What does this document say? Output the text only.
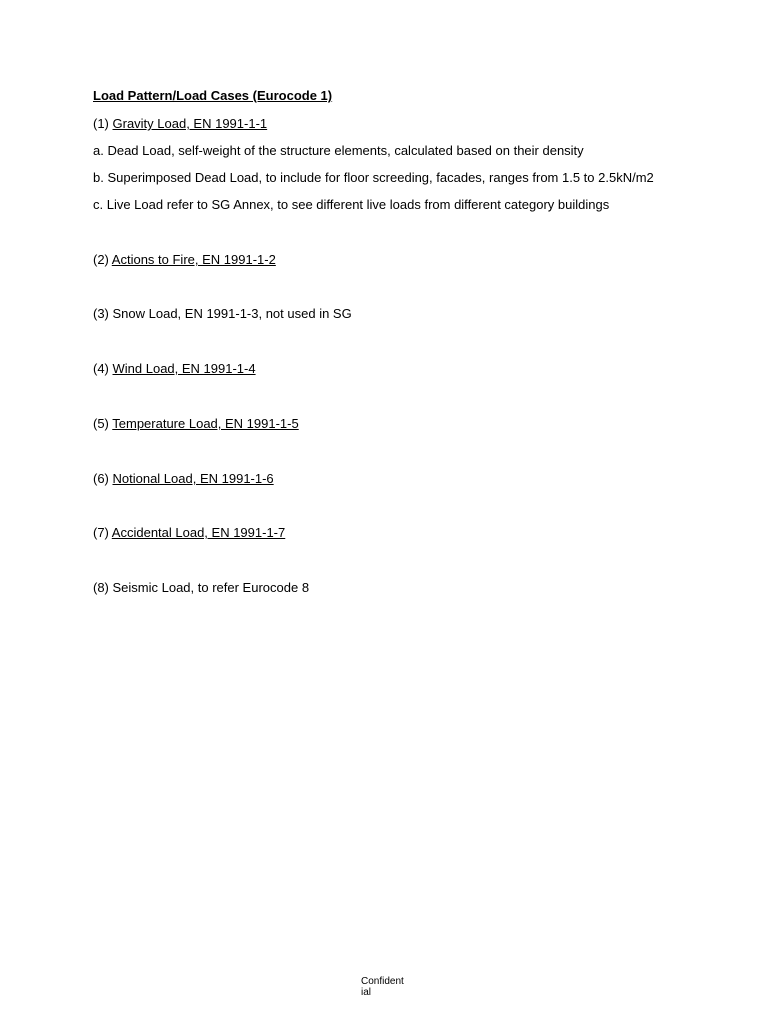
Load Pattern/Load Cases (Eurocode 1)
(1) Gravity Load, EN 1991-1-1
a. Dead Load, self-weight of the structure elements, calculated based on their density
b. Superimposed Dead Load, to include for floor screeding, facades, ranges from 1.5 to 2.5kN/m2
c. Live Load refer to SG Annex, to see different live loads from different category buildings
(2) Actions to Fire, EN 1991-1-2
(3) Snow Load, EN 1991-1-3, not used in SG
(4) Wind Load, EN 1991-1-4
(5) Temperature Load, EN 1991-1-5
(6) Notional Load, EN 1991-1-6
(7) Accidental Load, EN 1991-1-7
(8) Seismic Load, to refer Eurocode 8
Confident
ial
